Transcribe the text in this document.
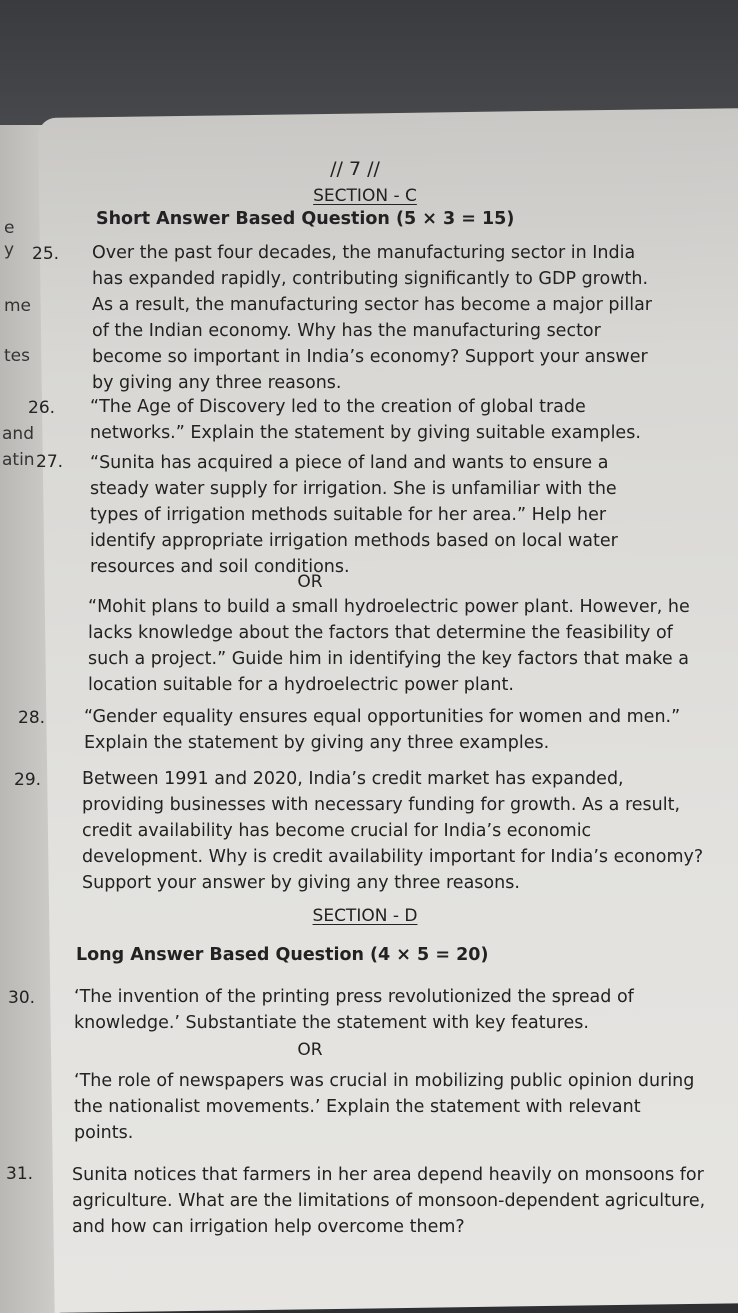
e
y
me
tes
and
atin
// 7 //
SECTION - C
Short Answer Based Question (5 × 3 = 15)
25. Over the past four decades, the manufacturing sector in India has expanded rapidly, contributing significantly to GDP growth. As a result, the manufacturing sector has become a major pillar of the Indian economy. Why has the manufacturing sector become so important in India’s economy? Support your answer by giving any three reasons.
26. “The Age of Discovery led to the creation of global trade networks.” Explain the statement by giving suitable examples.
27. “Sunita has acquired a piece of land and wants to ensure a steady water supply for irrigation. She is unfamiliar with the types of irrigation methods suitable for her area.” Help her identify appropriate irrigation methods based on local water resources and soil conditions.
OR
“Mohit plans to build a small hydroelectric power plant. However, he lacks knowledge about the factors that determine the feasibility of such a project.” Guide him in identifying the key factors that make a location suitable for a hydroelectric power plant.
28. “Gender equality ensures equal opportunities for women and men.” Explain the statement by giving any three examples.
29. Between 1991 and 2020, India’s credit market has expanded, providing businesses with necessary funding for growth. As a result, credit availability has become crucial for India’s economic development. Why is credit availability important for India’s economy? Support your answer by giving any three reasons.
SECTION - D
Long Answer Based Question (4 × 5 = 20)
30. ‘The invention of the printing press revolutionized the spread of knowledge.’ Substantiate the statement with key features.
OR
‘The role of newspapers was crucial in mobilizing public opinion during the nationalist movements.’ Explain the statement with relevant points.
31. Sunita notices that farmers in her area depend heavily on monsoons for agriculture. What are the limitations of monsoon-dependent agriculture, and how can irrigation help overcome them?
